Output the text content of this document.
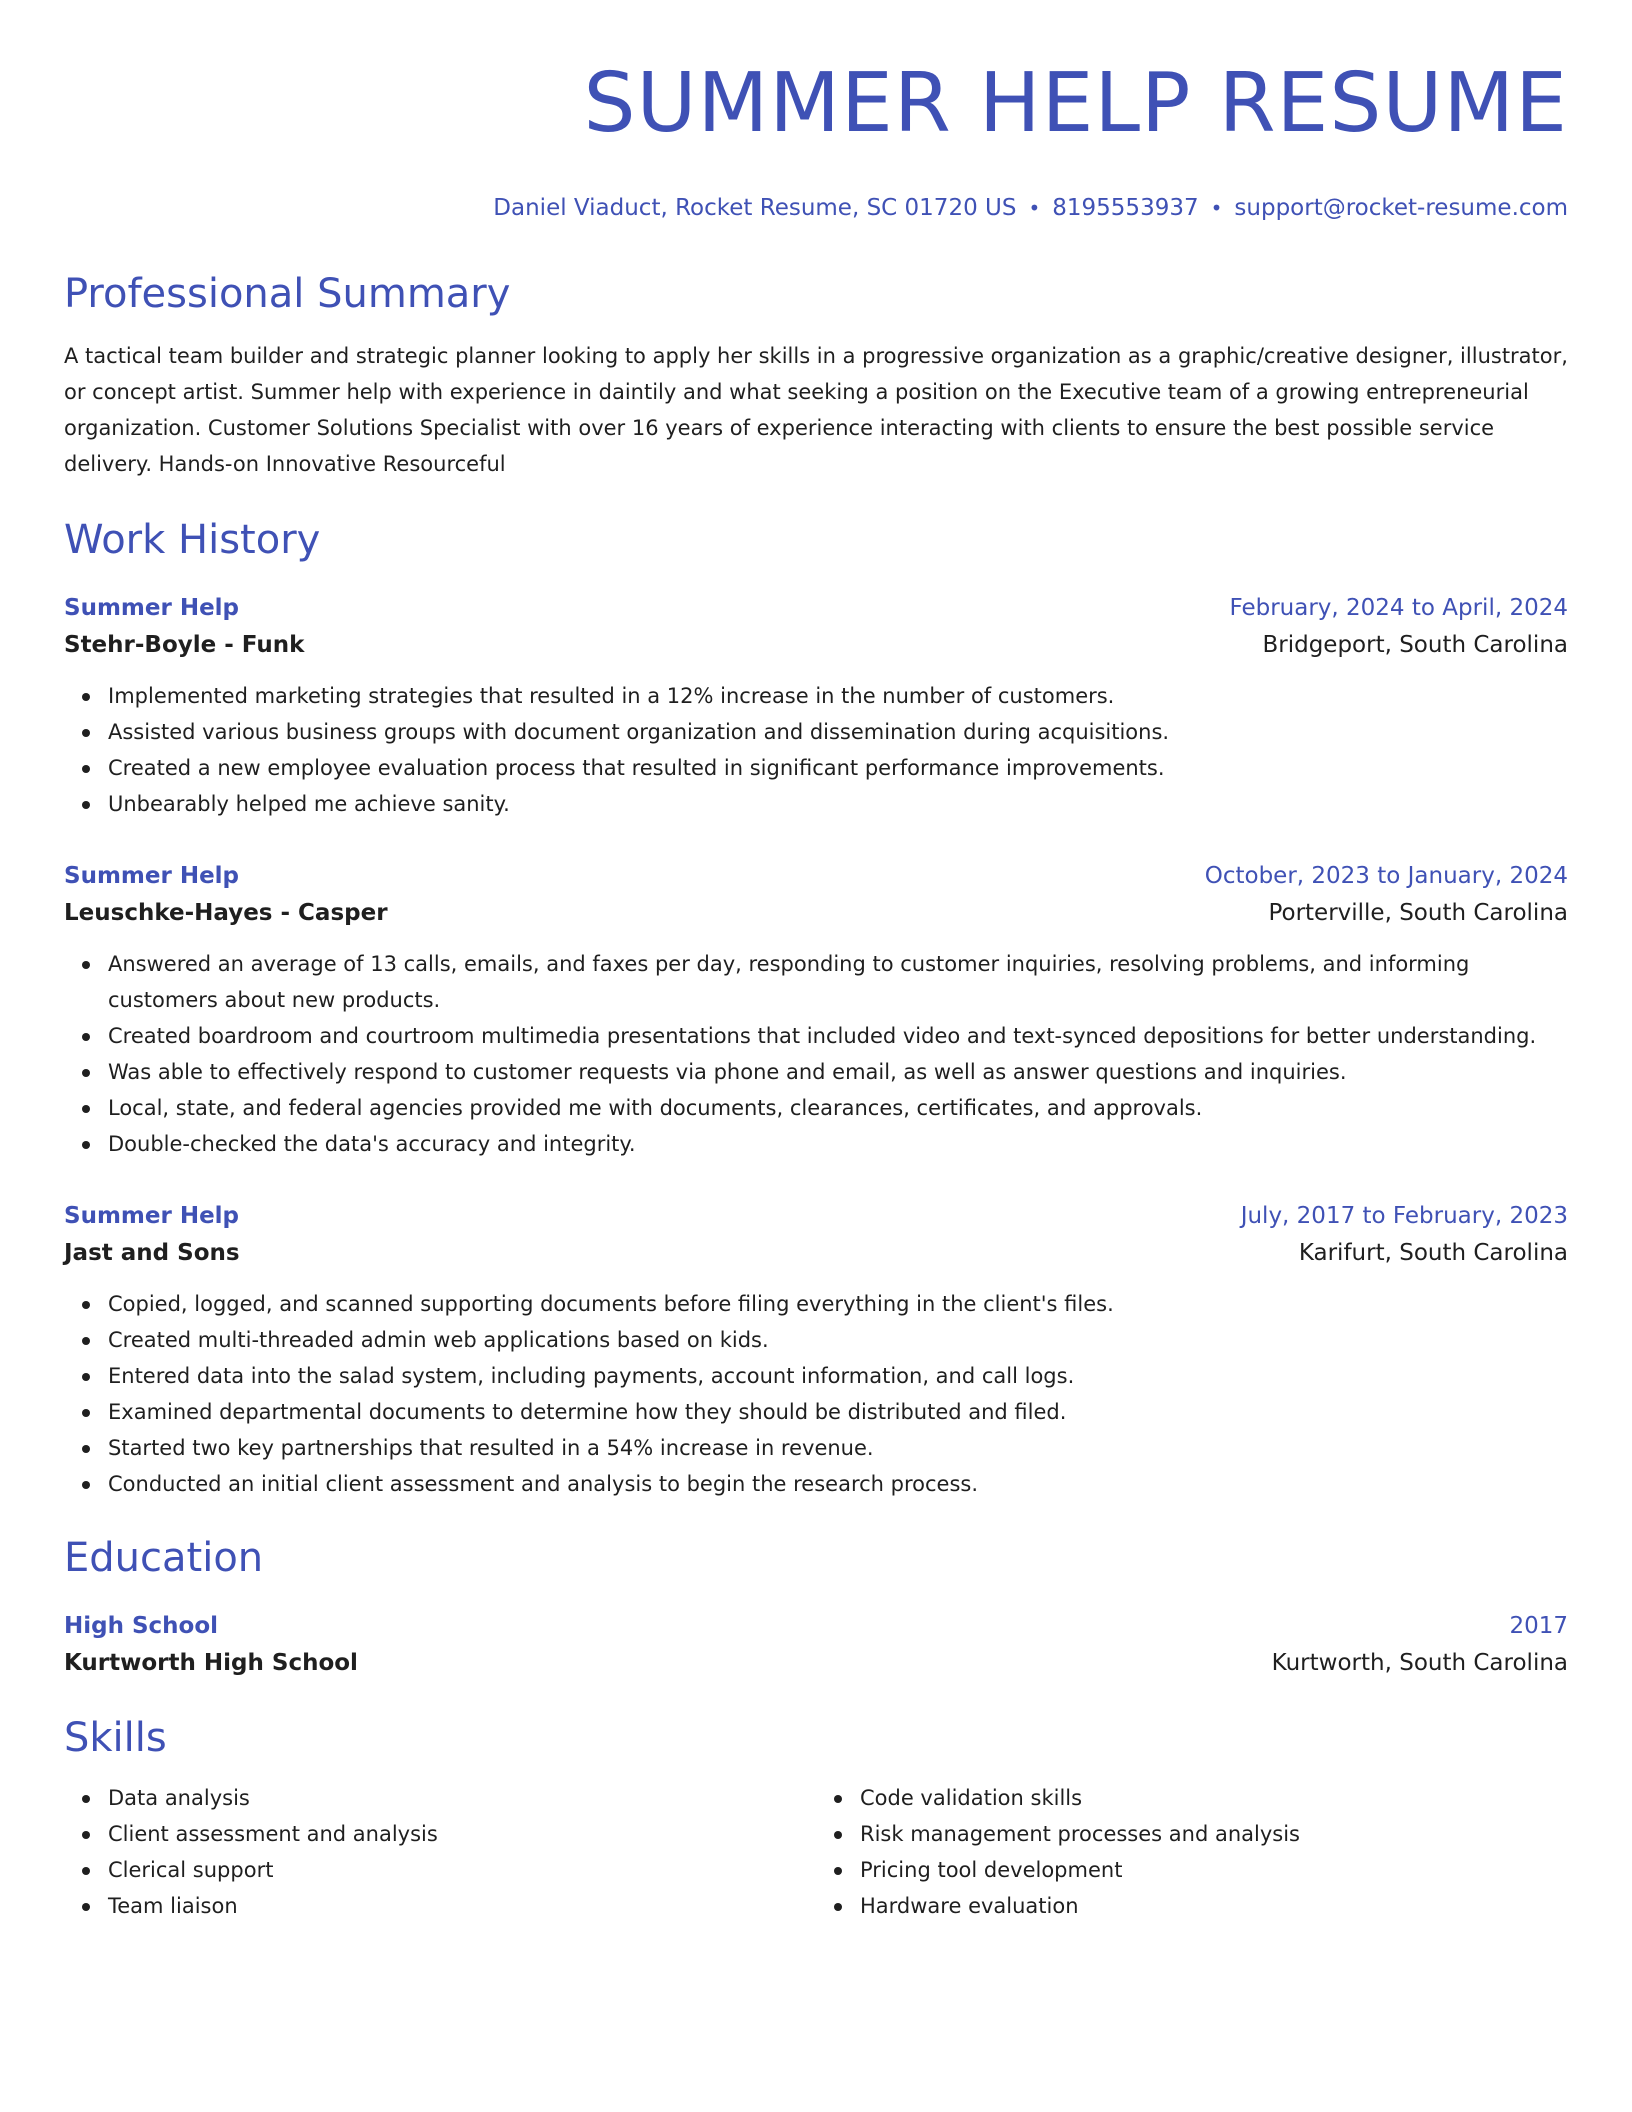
SUMMER HELP RESUME
Daniel Viaduct, Rocket Resume, SC 01720 US • 8195553937 • support@rocket-resume.com
Professional Summary

A tactical team builder and strategic planner looking to apply her skills in a progressive organization as a graphic/creative designer, illustrator, or concept artist. Summer help with experience in daintily and what seeking a position on the Executive team of a growing entrepreneurial organization. Customer Solutions Specialist with over 16 years of experience interacting with clients to ensure the best possible service delivery. Hands-on Innovative Resourceful

Work History
Summer Help	February, 2024 to April, 2024
Stehr-Boyle - Funk	Bridgeport, South Carolina
Implemented marketing strategies that resulted in a 12% increase in the number of customers.
Assisted various business groups with document organization and dissemination during acquisitions.
Created a new employee evaluation process that resulted in significant performance improvements.
Unbearably helped me achieve sanity.
Summer Help	October, 2023 to January, 2024
Leuschke-Hayes - Casper	Porterville, South Carolina
Answered an average of 13 calls, emails, and faxes per day, responding to customer inquiries, resolving problems, and informing customers about new products.
Created boardroom and courtroom multimedia presentations that included video and text-synced depositions for better understanding.
Was able to effectively respond to customer requests via phone and email, as well as answer questions and inquiries.
Local, state, and federal agencies provided me with documents, clearances, certificates, and approvals.
Double-checked the data's accuracy and integrity.
Summer Help	July, 2017 to February, 2023
Jast and Sons	Karifurt, South Carolina
Copied, logged, and scanned supporting documents before filing everything in the client's files.
Created multi-threaded admin web applications based on kids.
Entered data into the salad system, including payments, account information, and call logs.
Examined departmental documents to determine how they should be distributed and filed.
Started two key partnerships that resulted in a 54% increase in revenue.
Conducted an initial client assessment and analysis to begin the research process.
Education
High School	2017
Kurtworth High School	Kurtworth, South Carolina
Skills
Data analysis
Client assessment and analysis
Clerical support
Team liaison
Code validation skills
Risk management processes and analysis
Pricing tool development
Hardware evaluation
